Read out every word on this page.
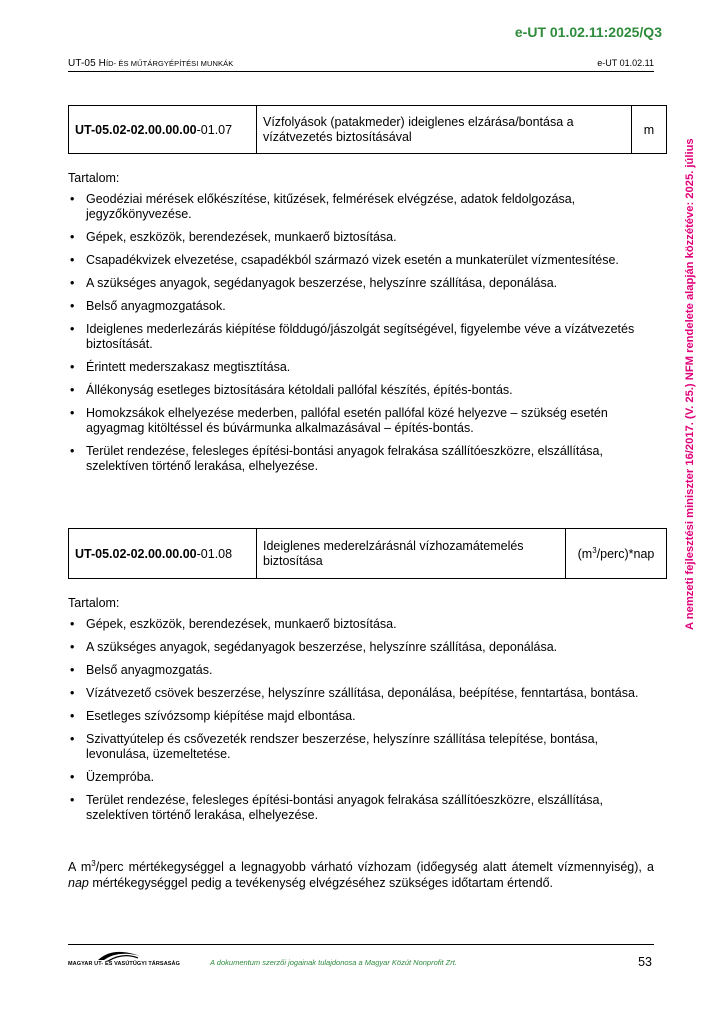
e-UT 01.02.11:2025/Q3
UT-05 HÍD- ÉS MŰTÁRGYÉPÍTÉSI MUNKÁK	e-UT 01.02.11
A nemzeti fejlesztési miniszter 16/2017. (V. 25.) NFM rendelete alapján közzétéve: 2025. július
UT-05.02-02.00.00.00-01.07	Vízfolyások (patakmeder) ideiglenes elzárása/bontása a vízátvezetés biztosításával	m
Tartalom:
• Geodéziai mérések előkészítése, kitűzések, felmérések elvégzése, adatok feldolgozása, jegyzőkönyvezése.
• Gépek, eszközök, berendezések, munkaerő biztosítása.
• Csapadékvizek elvezetése, csapadékból származó vizek esetén a munkaterület vízmentesítése.
• A szükséges anyagok, segédanyagok beszerzése, helyszínre szállítása, deponálása.
• Belső anyagmozgatások.
• Ideiglenes mederlezárás kiépítése földdugó/jászolgát segítségével, figyelembe véve a vízátvezetés biztosítását.
• Érintett mederszakasz megtisztítása.
• Állékonyság esetleges biztosítására kétoldali pallófal készítés, építés-bontás.
• Homokzsákok elhelyezése mederben, pallófal esetén pallófal közé helyezve – szükség esetén agyagmag kitöltéssel és búvármunka alkalmazásával – építés-bontás.
• Terület rendezése, felesleges építési-bontási anyagok felrakása szállítóeszközre, elszállítása, szelektíven történő lerakása, elhelyezése.
UT-05.02-02.00.00.00-01.08	Ideiglenes mederelzárásnál vízhozamátemelés biztosítása	$(m^3/perc)*nap$
Tartalom:
• Gépek, eszközök, berendezések, munkaerő biztosítása.
• A szükséges anyagok, segédanyagok beszerzése, helyszínre szállítása, deponálása.
• Belső anyagmozgatás.
• Vízátvezető csövek beszerzése, helyszínre szállítása, deponálása, beépítése, fenntartása, bontása.
• Esetleges szívózsomp kiépítése majd elbontása.
• Szivattyútelep és csővezeték rendszer beszerzése, helyszínre szállítása telepítése, bontása, levonulása, üzemeltetése.
• Üzempróba.
• Terület rendezése, felesleges építési-bontási anyagok felrakása szállítóeszközre, elszállítása, szelektíven történő lerakása, elhelyezése.
A $m^3$/perc mértékegységgel a legnagyobb várható vízhozam (időegység alatt átemelt vízmennyiség), a nap mértékegységgel pedig a tevékenység elvégzéséhez szükséges időtartam értendő.
MAGYAR UT- ÉS VASÚTÜGYI TÁRSASÁG	A dokumentum szerzői jogainak tulajdonosa a Magyar Közút Nonprofit Zrt.	53
